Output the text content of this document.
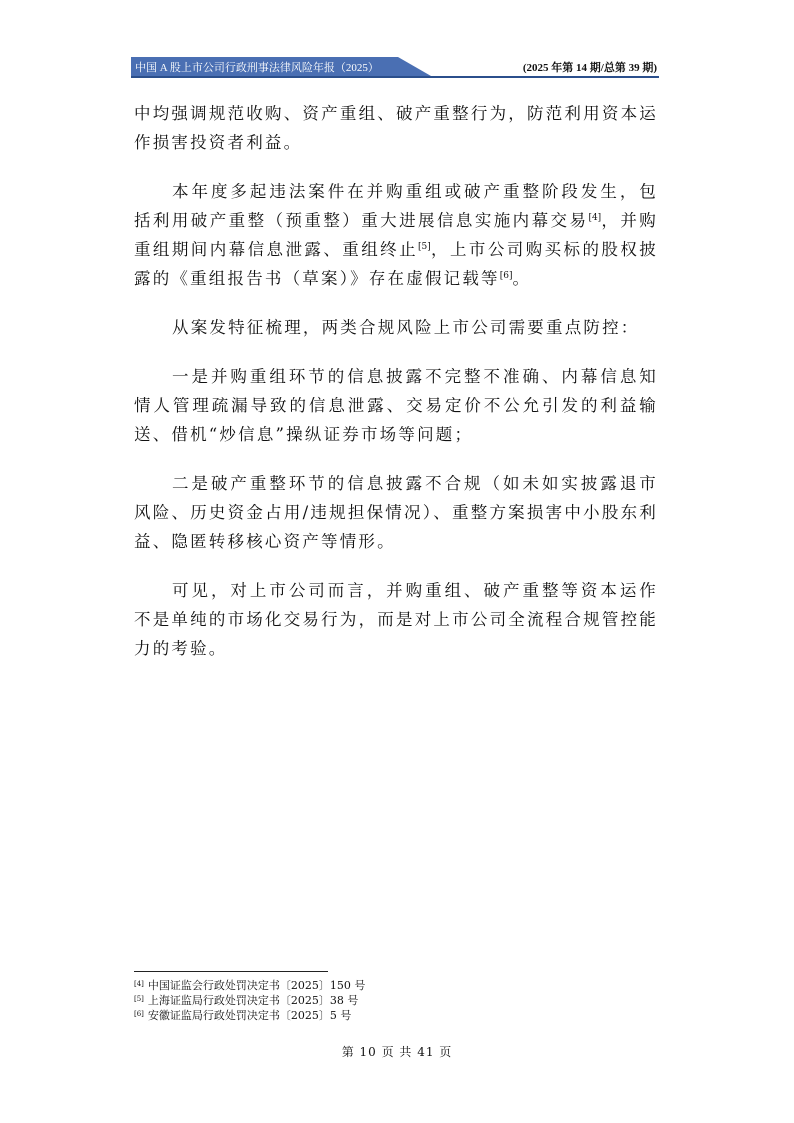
中国 A 股上市公司行政刑事法律风险年报（2025）	(2025 年第 14 期/总第 39 期)

中均强调规范收购、资产重组、破产重整行为，防范利用资本运作损害投资者利益。

本年度多起违法案件在并购重组或破产重整阶段发生，包括利用破产重整（预重整）重大进展信息实施内幕交易[4]，并购重组期间内幕信息泄露、重组终止[5]，上市公司购买标的股权披露的《重组报告书（草案）》存在虚假记载等[6]。

从案发特征梳理，两类合规风险上市公司需要重点防控：

一是并购重组环节的信息披露不完整不准确、内幕信息知情人管理疏漏导致的信息泄露、交易定价不公允引发的利益输送、借机“炒信息”操纵证券市场等问题；

二是破产重整环节的信息披露不合规（如未如实披露退市风险、历史资金占用/违规担保情况）、重整方案损害中小股东利益、隐匿转移核心资产等情形。

可见，对上市公司而言，并购重组、破产重整等资本运作不是单纯的市场化交易行为，而是对上市公司全流程合规管控能力的考验。

[4] 中国证监会行政处罚决定书〔2025〕150 号
[5] 上海证监局行政处罚决定书〔2025〕38 号
[6] 安徽证监局行政处罚决定书〔2025〕5 号
第 10 页 共 41 页
